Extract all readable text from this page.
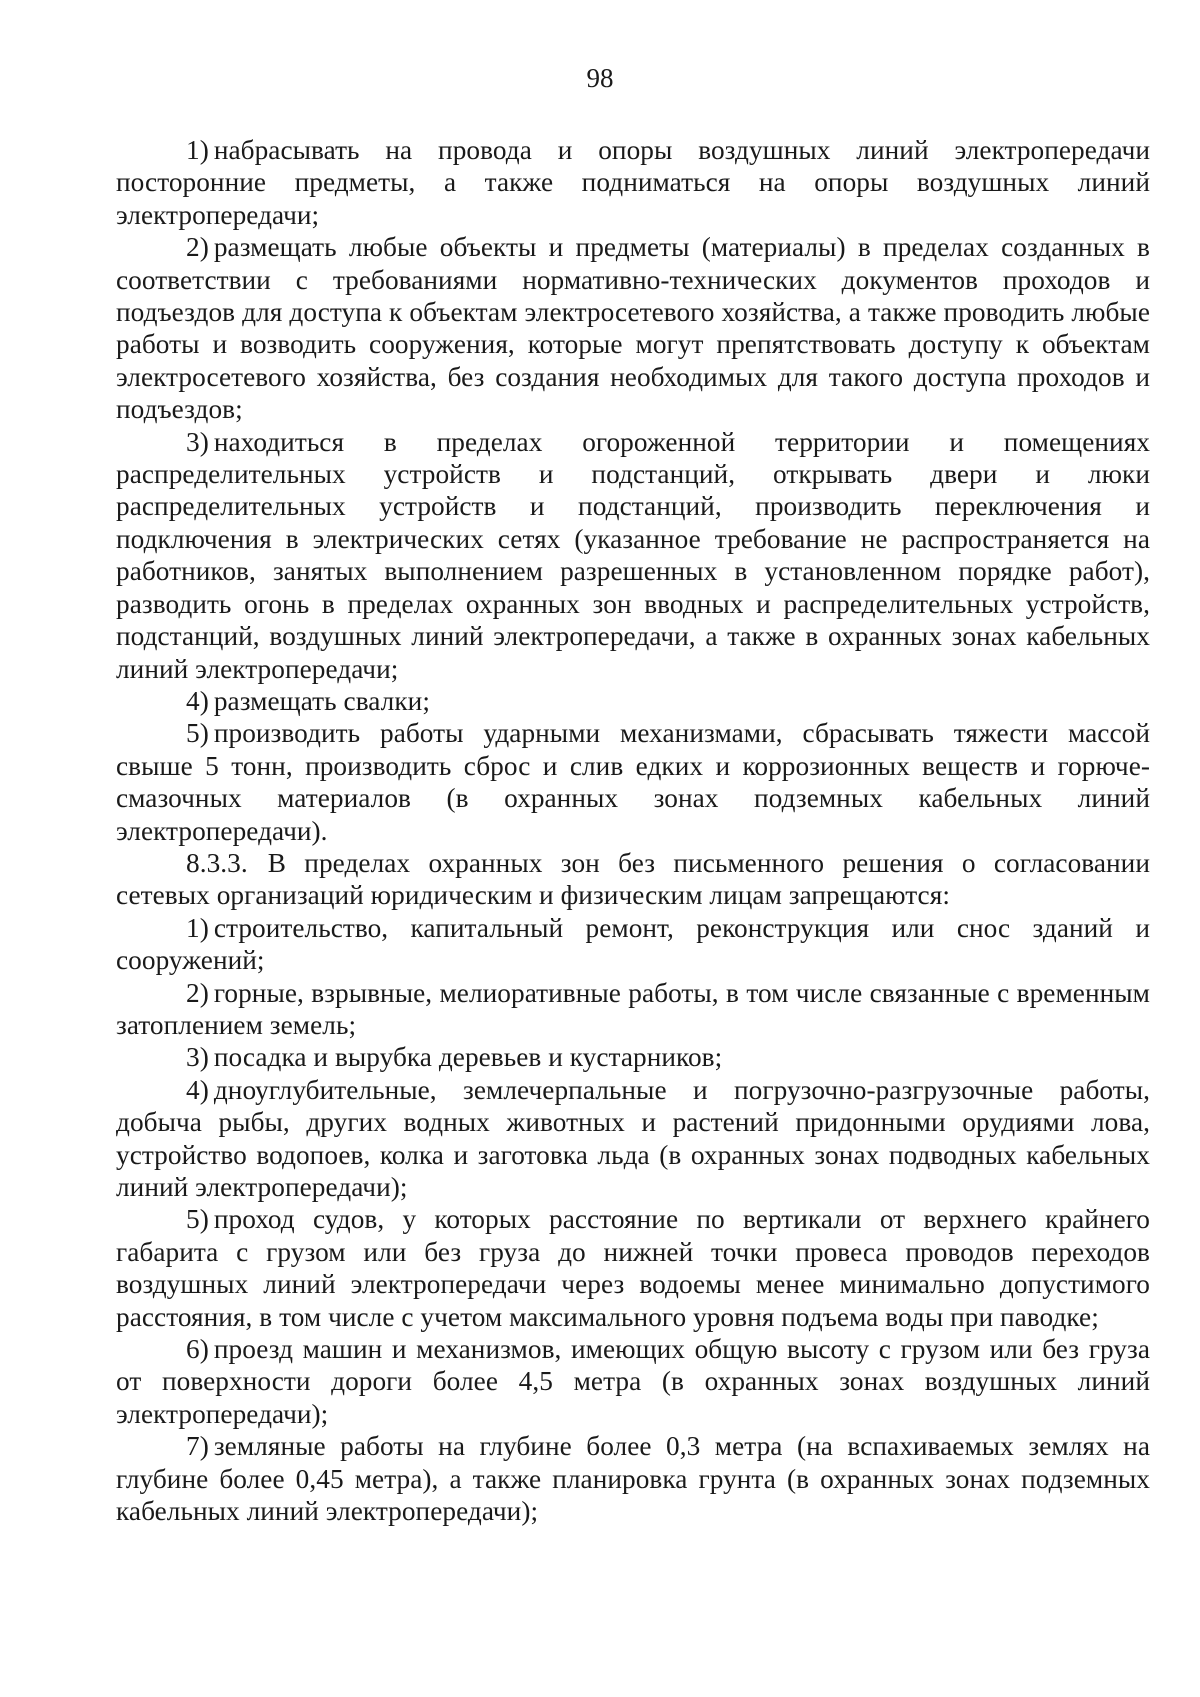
98

1) набрасывать на провода и опоры воздушных линий электропередачи посторонние предметы, а также подниматься на опоры воздушных линий электропередачи;

2) размещать любые объекты и предметы (материалы) в пределах созданных в соответствии с требованиями нормативно-технических документов проходов и подъездов для доступа к объектам электросетевого хозяйства, а также проводить любые работы и возводить сооружения, которые могут препятствовать доступу к объектам электросетевого хозяйства, без создания необходимых для такого доступа проходов и подъездов;

3) находиться в пределах огороженной территории и помещениях распределительных устройств и подстанций, открывать двери и люки распределительных устройств и подстанций, производить переключения и подключения в электрических сетях (указанное требование не распространяется на работников, занятых выполнением разрешенных в установленном порядке работ), разводить огонь в пределах охранных зон вводных и распределительных устройств, подстанций, воздушных линий электропередачи, а также в охранных зонах кабельных линий электропередачи;

4) размещать свалки;

5) производить работы ударными механизмами, сбрасывать тяжести массой свыше 5 тонн, производить сброс и слив едких и коррозионных веществ и горюче-смазочных материалов (в охранных зонах подземных кабельных линий электропередачи).

8.3.3. В пределах охранных зон без письменного решения о согласовании сетевых организаций юридическим и физическим лицам запрещаются:

1) строительство, капитальный ремонт, реконструкция или снос зданий и сооружений;

2) горные, взрывные, мелиоративные работы, в том числе связанные с временным затоплением земель;

3) посадка и вырубка деревьев и кустарников;

4) дноуглубительные, землечерпальные и погрузочно-разгрузочные работы, добыча рыбы, других водных животных и растений придонными орудиями лова, устройство водопоев, колка и заготовка льда (в охранных зонах подводных кабельных линий электропередачи);

5) проход судов, у которых расстояние по вертикали от верхнего крайнего габарита с грузом или без груза до нижней точки провеса проводов переходов воздушных линий электропередачи через водоемы менее минимально допустимого расстояния, в том числе с учетом максимального уровня подъема воды при паводке;

6) проезд машин и механизмов, имеющих общую высоту с грузом или без груза от поверхности дороги более 4,5 метра (в охранных зонах воздушных линий электропередачи);

7) земляные работы на глубине более 0,3 метра (на вспахиваемых землях на глубине более 0,45 метра), а также планировка грунта (в охранных зонах подземных кабельных линий электропередачи);
